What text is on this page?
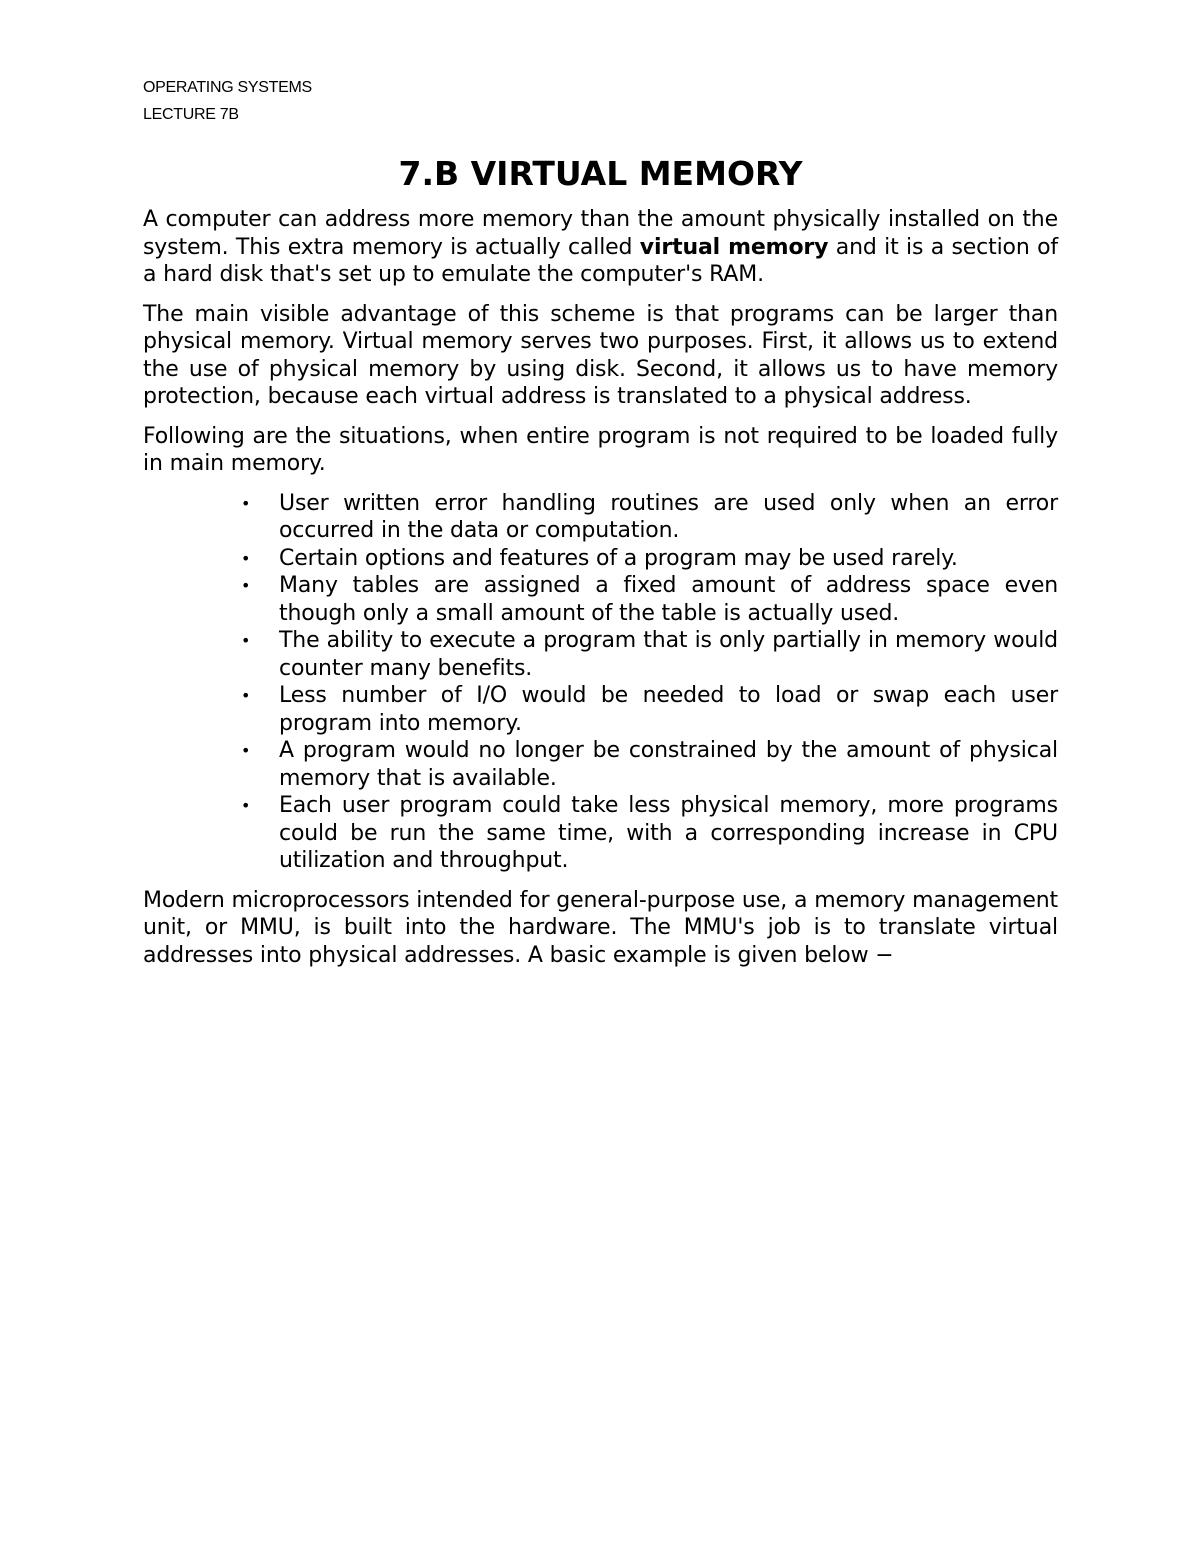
OPERATING SYSTEMS
LECTURE 7B
7.B VIRTUAL MEMORY

A computer can address more memory than the amount physically installed on the system. This extra memory is actually called virtual memory and it is a section of a hard disk that's set up to emulate the computer's RAM.

The main visible advantage of this scheme is that programs can be larger than physical memory. Virtual memory serves two purposes. First, it allows us to extend the use of physical memory by using disk. Second, it allows us to have memory protection, because each virtual address is translated to a physical address.

Following are the situations, when entire program is not required to be loaded fully in main memory.

• User written error handling routines are used only when an error occurred in the data or computation.
• Certain options and features of a program may be used rarely.
• Many tables are assigned a fixed amount of address space even though only a small amount of the table is actually used.
• The ability to execute a program that is only partially in memory would counter many benefits.
• Less number of I/O would be needed to load or swap each user program into memory.
• A program would no longer be constrained by the amount of physical memory that is available.
• Each user program could take less physical memory, more programs could be run the same time, with a corresponding increase in CPU utilization and throughput.

Modern microprocessors intended for general-purpose use, a memory management unit, or MMU, is built into the hardware. The MMU's job is to translate virtual addresses into physical addresses. A basic example is given below −
